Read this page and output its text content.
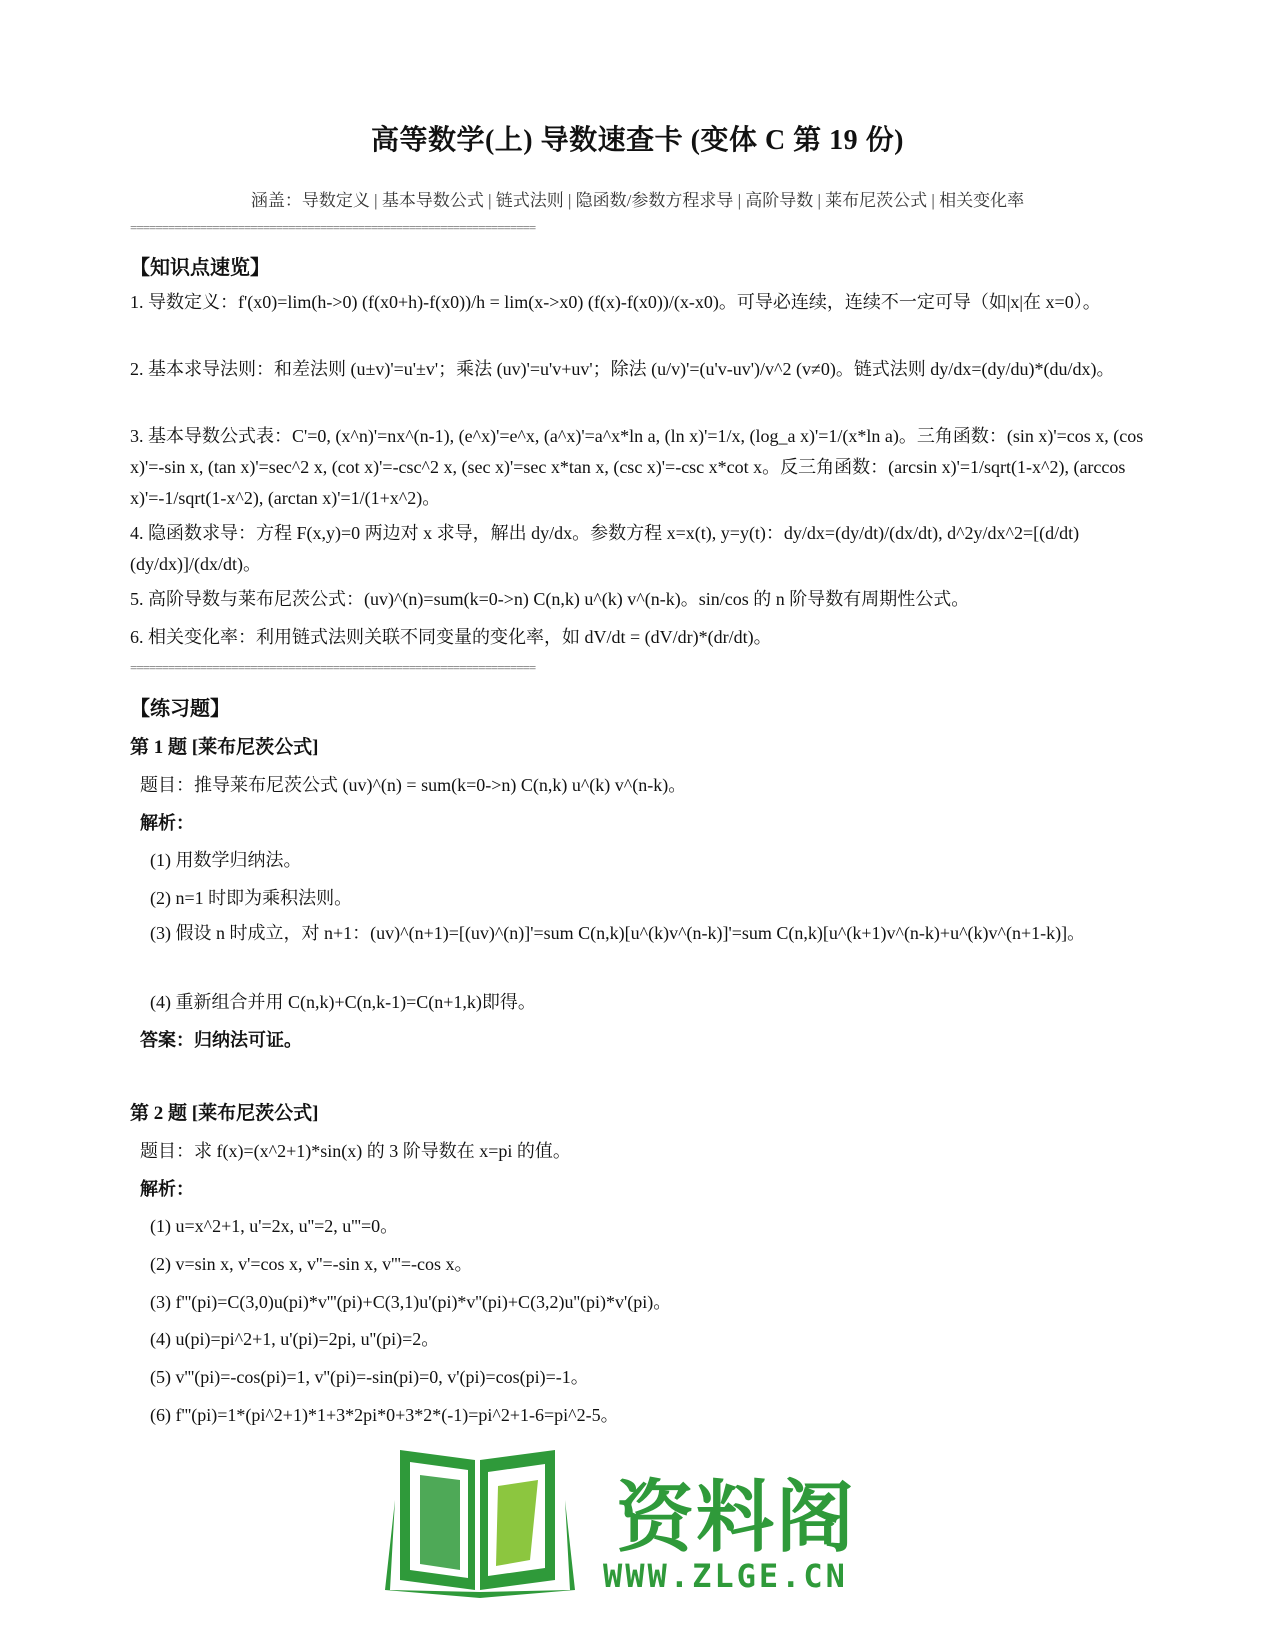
高等数学(上) 导数速查卡 (变体 C 第 19 份)
涵盖：导数定义 | 基本导数公式 | 链式法则 | 隐函数/参数方程求导 | 高阶导数 | 莱布尼茨公式 | 相关变化率
================================================================
【知识点速览】
1. 导数定义：f'(x0)=lim(h->0) (f(x0+h)-f(x0))/h = lim(x->x0) (f(x)-f(x0))/(x-x0)。可导必连续，连续不一定可导（如|x|在 x=0）。
2. 基本求导法则：和差法则 (u±v)'=u'±v'；乘法 (uv)'=u'v+uv'；除法 (u/v)'=(u'v-uv')/v^2 (v≠0)。链式法则 dy/dx=(dy/du)*(du/dx)。
3. 基本导数公式表：C'=0, (x^n)'=nx^(n-1), (e^x)'=e^x, (a^x)'=a^x*ln a, (ln x)'=1/x, (log_a x)'=1/(x*ln a)。三角函数：(sin x)'=cos x, (cos x)'=-sin x, (tan x)'=sec^2 x, (cot x)'=-csc^2 x, (sec x)'=sec x*tan x, (csc x)'=-csc x*cot x。反三角函数：(arcsin x)'=1/sqrt(1-x^2), (arccos x)'=-1/sqrt(1-x^2), (arctan x)'=1/(1+x^2)。
4. 隐函数求导：方程 F(x,y)=0 两边对 x 求导，解出 dy/dx。参数方程 x=x(t), y=y(t)：dy/dx=(dy/dt)/(dx/dt), d^2y/dx^2=[(d/dt)(dy/dx)]/(dx/dt)。
5. 高阶导数与莱布尼茨公式：(uv)^(n)=sum(k=0->n) C(n,k) u^(k) v^(n-k)。sin/cos 的 n 阶导数有周期性公式。
6. 相关变化率：利用链式法则关联不同变量的变化率，如 dV/dt = (dV/dr)*(dr/dt)。
================================================================
【练习题】
第 1 题 [莱布尼茨公式]
题目：推导莱布尼茨公式 (uv)^(n) = sum(k=0->n) C(n,k) u^(k) v^(n-k)。
解析：
(1) 用数学归纳法。
(2) n=1 时即为乘积法则。
(3) 假设 n 时成立，对 n+1：(uv)^(n+1)=[(uv)^(n)]'=sum C(n,k)[u^(k)v^(n-k)]'=sum C(n,k)[u^(k+1)v^(n-k)+u^(k)v^(n+1-k)]。
(4) 重新组合并用 C(n,k)+C(n,k-1)=C(n+1,k)即得。
答案：归纳法可证。
第 2 题 [莱布尼茨公式]
题目：求 f(x)=(x^2+1)*sin(x) 的 3 阶导数在 x=pi 的值。
解析：
(1) u=x^2+1, u'=2x, u''=2, u'''=0。
(2) v=sin x, v'=cos x, v''=-sin x, v'''=-cos x。
(3) f'''(pi)=C(3,0)u(pi)*v'''(pi)+C(3,1)u'(pi)*v''(pi)+C(3,2)u''(pi)*v'(pi)。
(4) u(pi)=pi^2+1, u'(pi)=2pi, u''(pi)=2。
(5) v'''(pi)=-cos(pi)=1, v''(pi)=-sin(pi)=0, v'(pi)=cos(pi)=-1。
(6) f'''(pi)=1*(pi^2+1)*1+3*2pi*0+3*2*(-1)=pi^2+1-6=pi^2-5。
资料阁
WWW.ZLGE.CN
